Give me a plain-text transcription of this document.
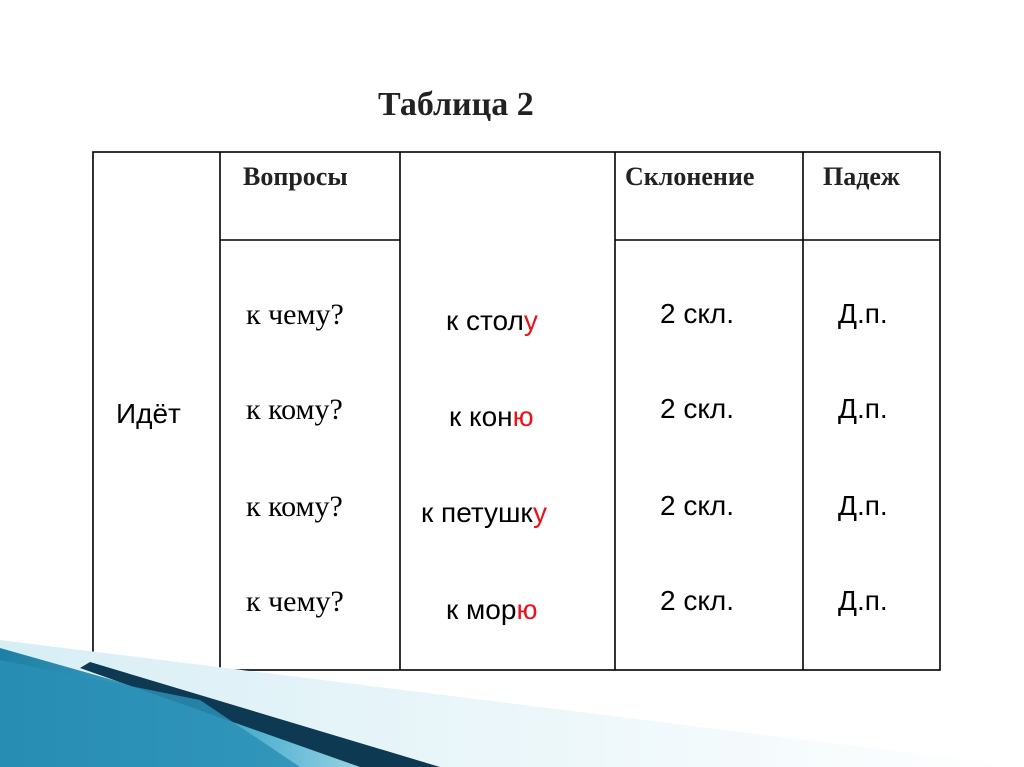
Таблица 2
Вопросы	Склонение	Падеж
Идёт
к чему?
к кому?
к кому?
к чему?
к столу
к коню
к петушку
к морю
2 скл.
2 скл.
2 скл.
2 скл.
Д.п.
Д.п.
Д.п.
Д.п.
